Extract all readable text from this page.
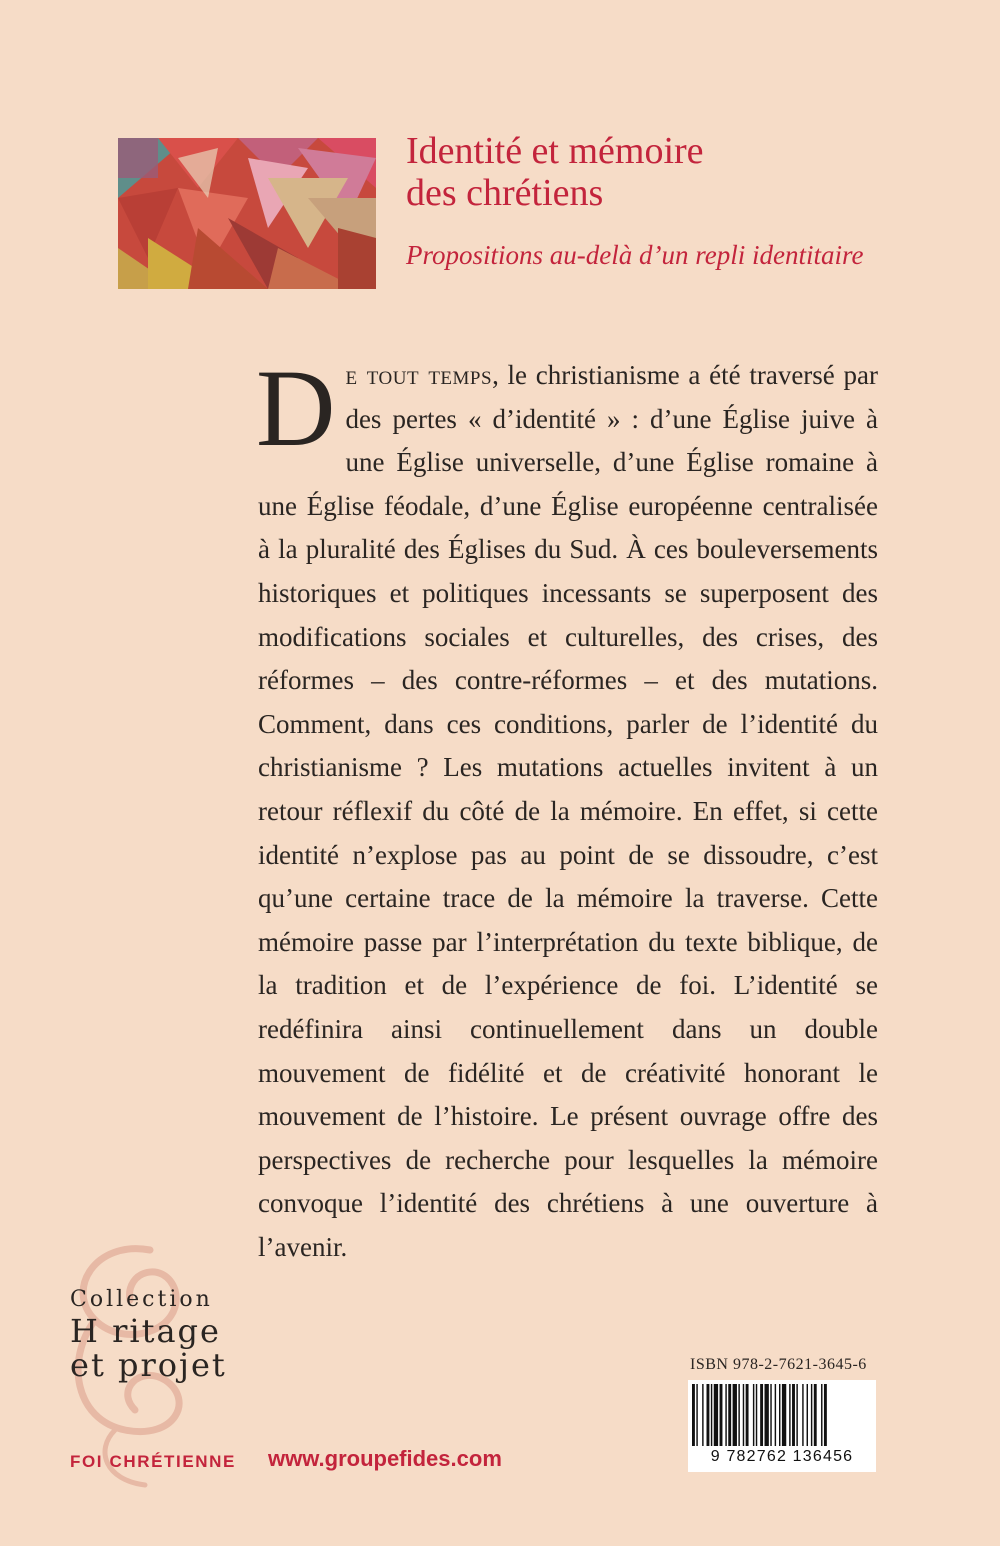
Identité et mémoire
des chrétiens

Propositions au-delà d’un repli identitaire

De tout temps, le christianisme a été traversé par des pertes « d’identité » : d’une Église juive à une Église universelle, d’une Église romaine à une Église féodale, d’une Église européenne centralisée à la pluralité des Églises du Sud. À ces bouleversements historiques et politiques incessants se superposent des modifications sociales et culturelles, des crises, des réformes – des contre-réformes – et des mutations. Comment, dans ces conditions, parler de l’identité du christianisme ? Les mutations actuelles invitent à un retour réflexif du côté de la mémoire. En effet, si cette identité n’explose pas au point de se dissoudre, c’est qu’une certaine trace de la mémoire la traverse. Cette mémoire passe par l’interprétation du texte biblique, de la tradition et de l’expérience de foi. L’identité se redéfinira ainsi continuellement dans un double mouvement de fidélité et de créativité honorant le mouvement de l’histoire. Le présent ouvrage offre des perspectives de recherche pour lesquelles la mémoire convoque l’identité des chrétiens à une ouverture à l’avenir.

Collection
H ritage
et projet	ISBN 978-2-7621-3645-6
9 782762 136456
FOI CHRÉTIENNE www.groupefides.com
